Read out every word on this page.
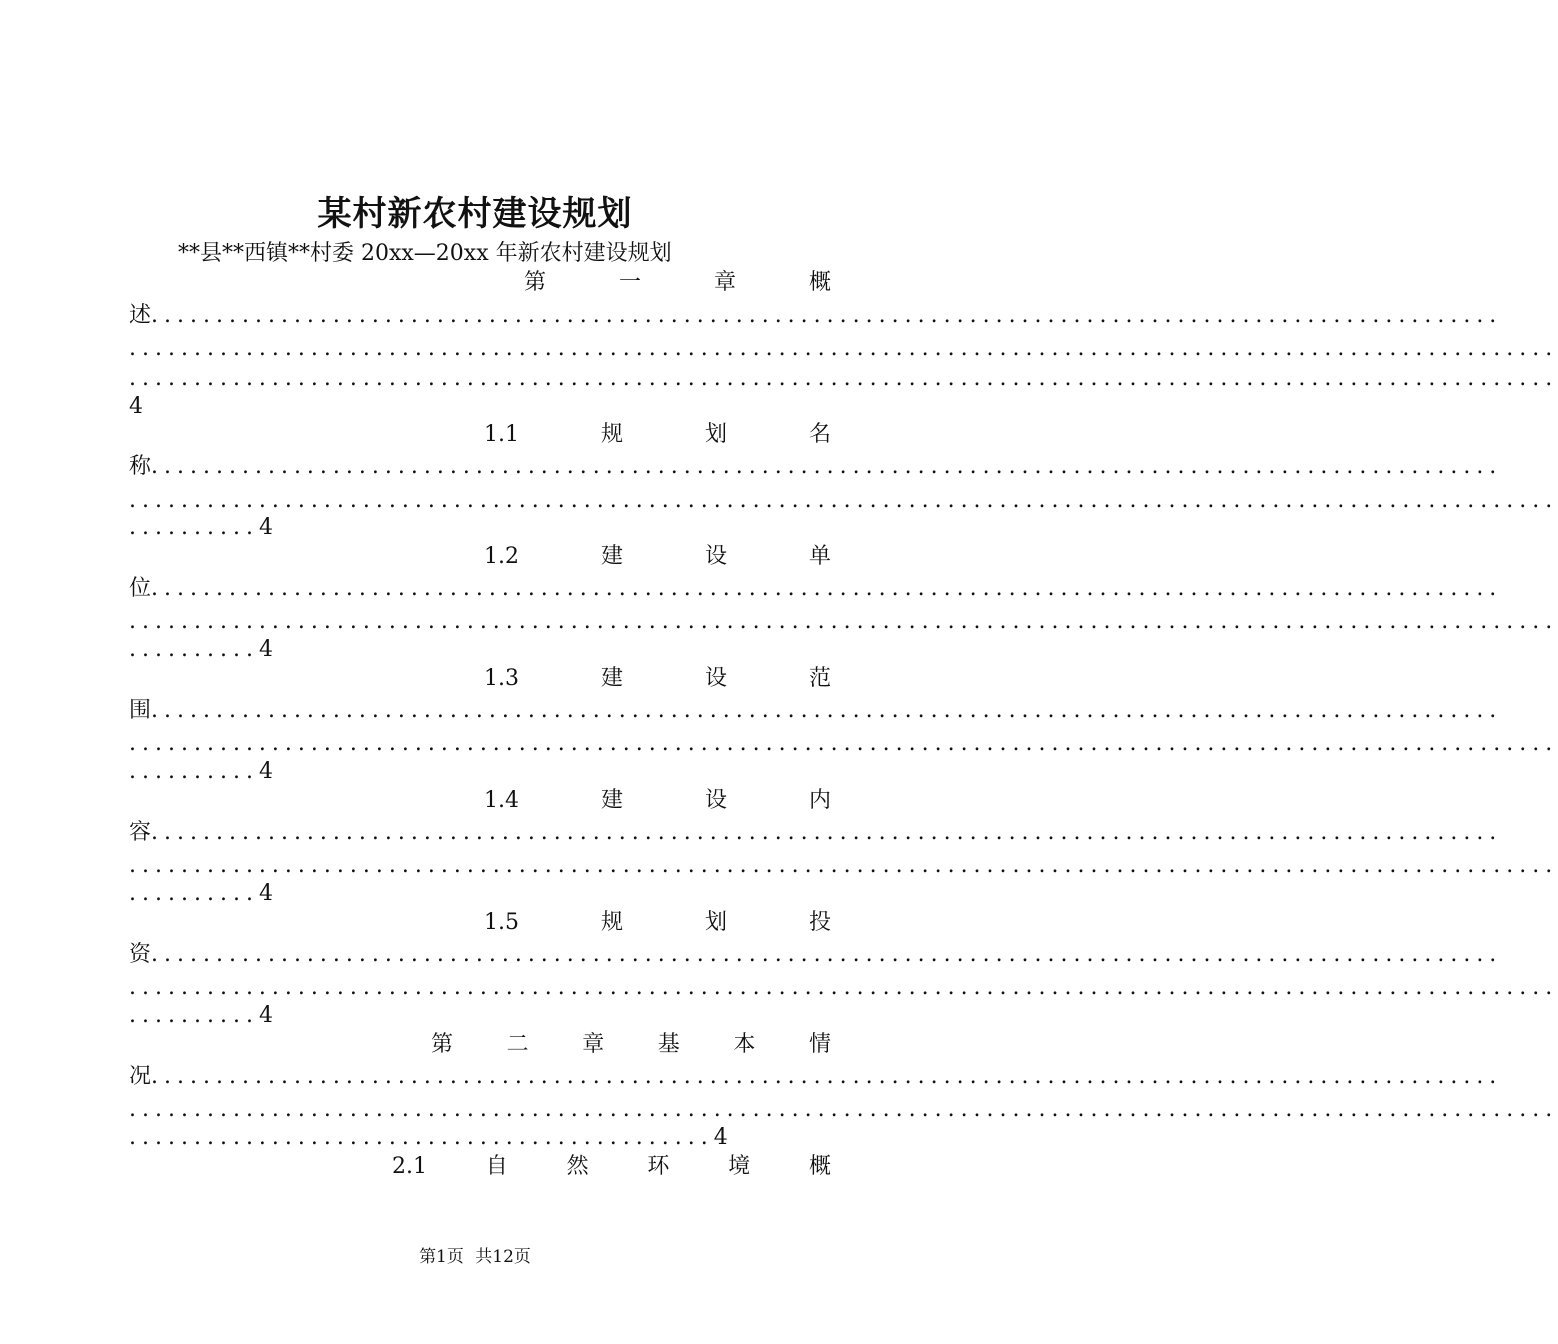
某村新农村建设规划
**县**西镇**村委 20xx—20xx 年新农村建设规划
第	一	章	概
述 ........................................................................................................
..............................................................................................................
..............................................................................................................
4
1.1	规	划	名
称 ........................................................................................................
..............................................................................................................
..........4
1.2	建	设	单
位 ........................................................................................................
..............................................................................................................
..........4
1.3	建	设	范
围 ........................................................................................................
..............................................................................................................
..........4
1.4	建	设	内
容 ........................................................................................................
..............................................................................................................
..........4
1.5	规	划	投
资 ........................................................................................................
..............................................................................................................
..........4
第 二 章 基 本 情
况 ........................................................................................................
..............................................................................................................
.............................................4
2.1	自	然	环	境	概
第1页 共12页
